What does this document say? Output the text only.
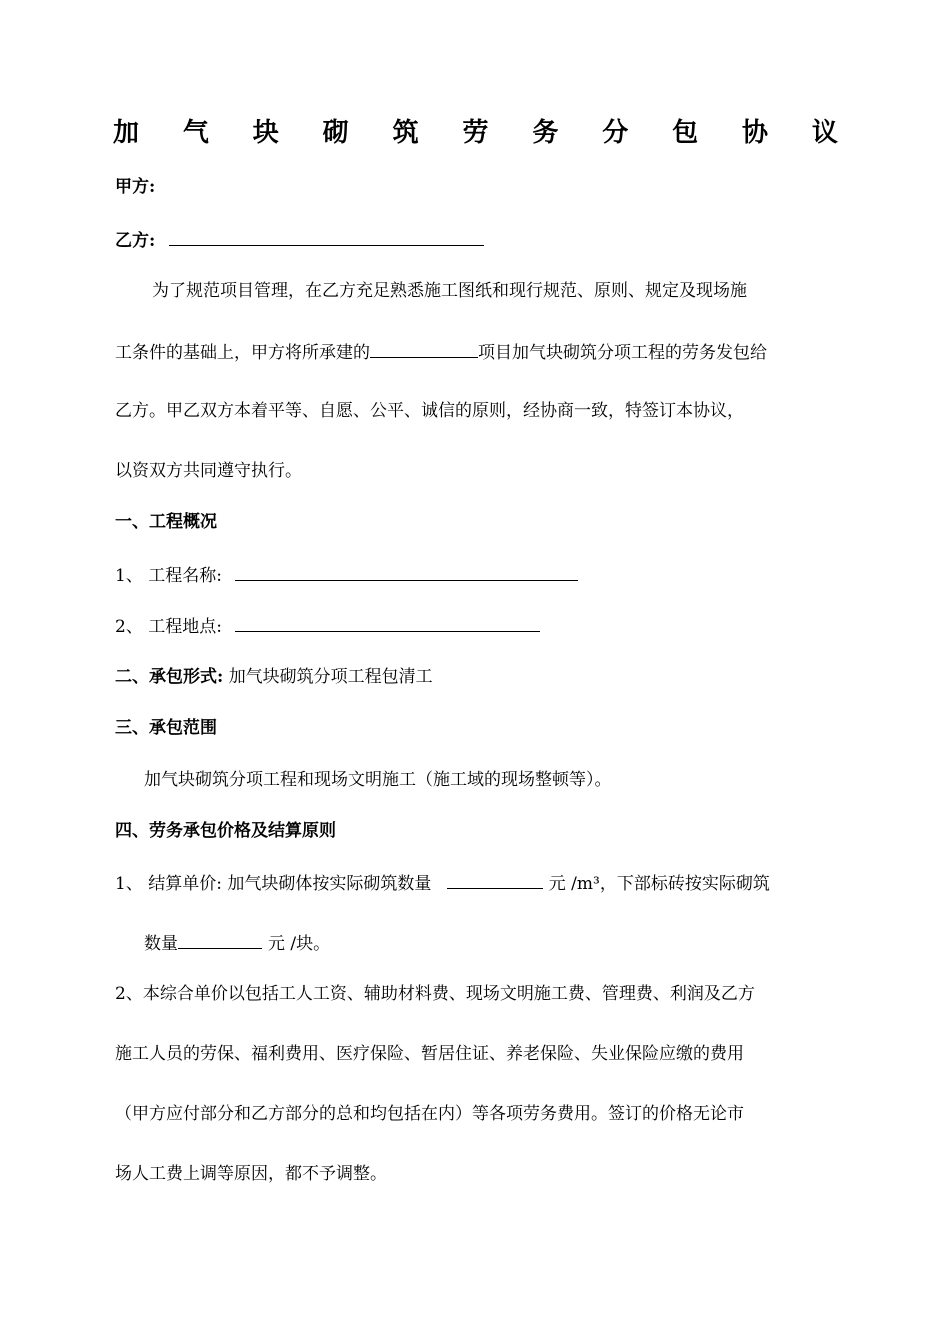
加 气 块 砌 筑 劳 务 分 包 协 议
甲方:
乙方:
为了规范项目管理，在乙方充足熟悉施工图纸和现行规范、原则、规定及现场施
工条件的基础上，甲方将所承建的	项目加气块砌筑分项工程的劳务发包给
乙方。甲乙双方本着平等、自愿、公平、诚信的原则，经协商一致，特签订本协议，
以资双方共同遵守执行。
一、工程概况
1、 工程名称:
2、 工程地点:
二、承包形式: 加气块砌筑分项工程包清工
三、承包范围
加气块砌筑分项工程和现场文明施工（施工域的现场整顿等）。
四、劳务承包价格及结算原则
1、 结算单价: 加气块砌体按实际砌筑数量	元 /m³，下部标砖按实际砌筑
数量	元 /块。
2、本综合单价以包括工人工资、辅助材料费、现场文明施工费、管理费、利润及乙方
施工人员的劳保、福利费用、医疗保险、暂居住证、养老保险、失业保险应缴的费用
（甲方应付部分和乙方部分的总和均包括在内）等各项劳务费用。签订的价格无论市
场人工费上调等原因，都不予调整。
